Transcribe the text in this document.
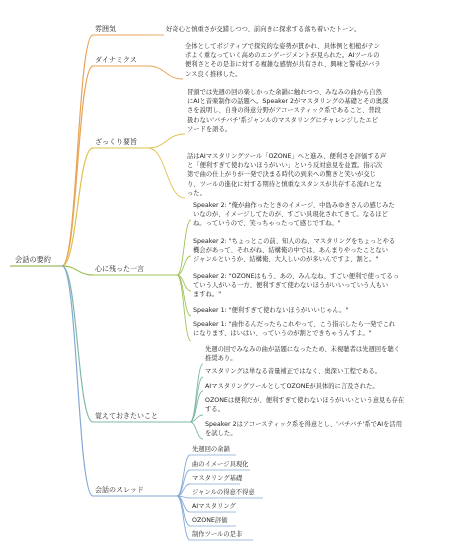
会話の要約
雰囲気	好奇心と慎重さが交錯しつつ、前向きに探求する落ち着いたトーン。
ダイナミクス
全体としてポジティブで探究的な姿勢が貫かれ、具体例と相槌がテン
ポよく重なっていく高めのエンゲージメントが見られた。AIツールの
便利さとその是非に対する複雑な感情が共有され、興味と警戒がバラ
ンス良く推移した。
ざっくり要旨
冒頭では先週の回の楽しかった余韻に触れつつ、みなみの曲から自然
にAIと音楽制作の話題へ。Speaker 2がマスタリングの基礎とその奥深
さを説明し、自身の得意分野がアコースティック系であること、普段
扱わない'バチバチ'系ジャンルのマスタリングにチャレンジしたエピ
ソードを語る。
話はAIマスタリングツール「OZONE」へと進み、便利さを評価する声
と「便利すぎて使わないほうがいい」という反対意見を並置。指示次
第で曲の仕上がりが一発で決まる時代の到来への驚きと笑いが交じ
り、ツールの進化に対する期待と慎重なスタンスが共存する流れとな
った。
心に残った一言
Speaker 2: "俺が曲作ったときのイメージ、中島みゆきさんの感じみた
いなのが、イメージしてたのが、すごい具現化されてきて。なるほど
ね。っていうので、笑っちゃったって感じですね。"
Speaker 2: "ちょっとこの前、知人のね、マスタリングをちょっとやる
機会があって、それがね、結構俺の中では、あんまりやったことない
ジャンルというか、結構俺、大人しいのが多いんですよ、割と。"
Speaker 2: "OZONEはもう、あの、みんなね、すごい便利で使ってるっ
ていう人がいる一方、便利すぎて使わないほうがいいっていう人もい
ますね。"
Speaker 1: "便利すぎて使わないほうがいいじゃん。"
Speaker 1: "曲作るんだったらこれやって、こう指示したら一発でこれ
になります、はいはい、っていうのが割とできちゃうんすよ。"
覚えておきたいこと
先週の回でみなみの曲が話題になったため、未視聴者は先週回を聴く
推奨あり。
マスタリングは単なる音量補正ではなく、奥深い工程である。
AIマスタリングツールとしてOZONEが具体的に言及された。
OZONEは便利だが、便利すぎて使わないほうがいいという意見も存在
する。
Speaker 2はアコースティック系を得意とし、'バチバチ'系でAIを活用
を試した。
会話のスレッド
先週回の余韻
曲のイメージ具現化
マスタリング基礎
ジャンルの得意不得意
AIマスタリング
OZONE評価
制作ツールの是非
